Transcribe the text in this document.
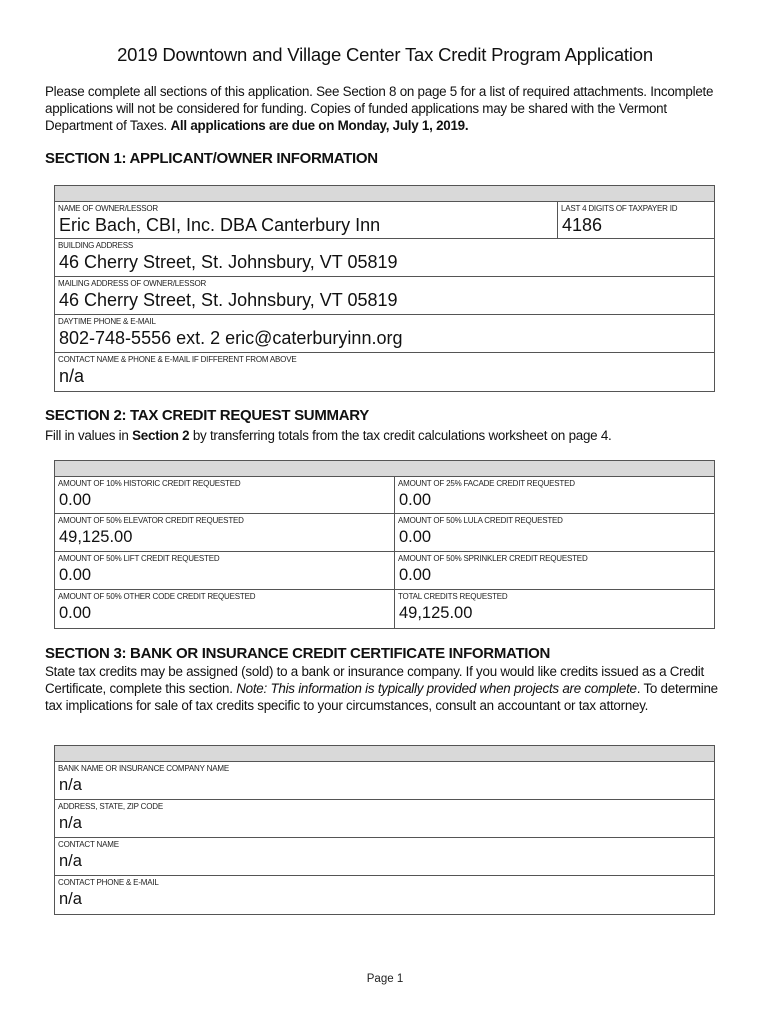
2019 Downtown and Village Center Tax Credit Program Application
Please complete all sections of this application. See Section 8 on page 5 for a list of required attachments. Incomplete applications will not be considered for funding. Copies of funded applications may be shared with the Vermont Department of Taxes. All applications are due on Monday, July 1, 2019.
SECTION 1: APPLICANT/OWNER INFORMATION
NAME OF OWNER/LESSOR
Eric Bach, CBI, Inc. DBA Canterbury Inn
LAST 4 DIGITS OF TAXPAYER ID
4186
BUILDING ADDRESS
46 Cherry Street, St. Johnsbury, VT 05819
MAILING ADDRESS OF OWNER/LESSOR
46 Cherry Street, St. Johnsbury, VT 05819
DAYTIME PHONE & E-MAIL
802-748-5556 ext. 2 eric@caterburyinn.org
CONTACT NAME & PHONE & E-MAIL IF DIFFERENT FROM ABOVE
n/a
SECTION 2: TAX CREDIT REQUEST SUMMARY
Fill in values in Section 2 by transferring totals from the tax credit calculations worksheet on page 4.
AMOUNT OF 10% HISTORIC CREDIT REQUESTED
0.00
AMOUNT OF 25% FACADE CREDIT REQUESTED
0.00
AMOUNT OF 50% ELEVATOR CREDIT REQUESTED
49,125.00
AMOUNT OF 50% LULA CREDIT REQUESTED
0.00
AMOUNT OF 50% LIFT CREDIT REQUESTED
0.00
AMOUNT OF 50% SPRINKLER CREDIT REQUESTED
0.00
AMOUNT OF 50% OTHER CODE CREDIT REQUESTED
0.00
TOTAL CREDITS REQUESTED
49,125.00
SECTION 3: BANK OR INSURANCE CREDIT CERTIFICATE INFORMATION
State tax credits may be assigned (sold) to a bank or insurance company. If you would like credits issued as a Credit Certificate, complete this section. Note: This information is typically provided when projects are complete. To determine tax implications for sale of tax credits specific to your circumstances, consult an accountant or tax attorney.
BANK NAME OR INSURANCE COMPANY NAME
n/a
ADDRESS, STATE, ZIP CODE
n/a
CONTACT NAME
n/a
CONTACT PHONE & E-MAIL
n/a
Page 1
